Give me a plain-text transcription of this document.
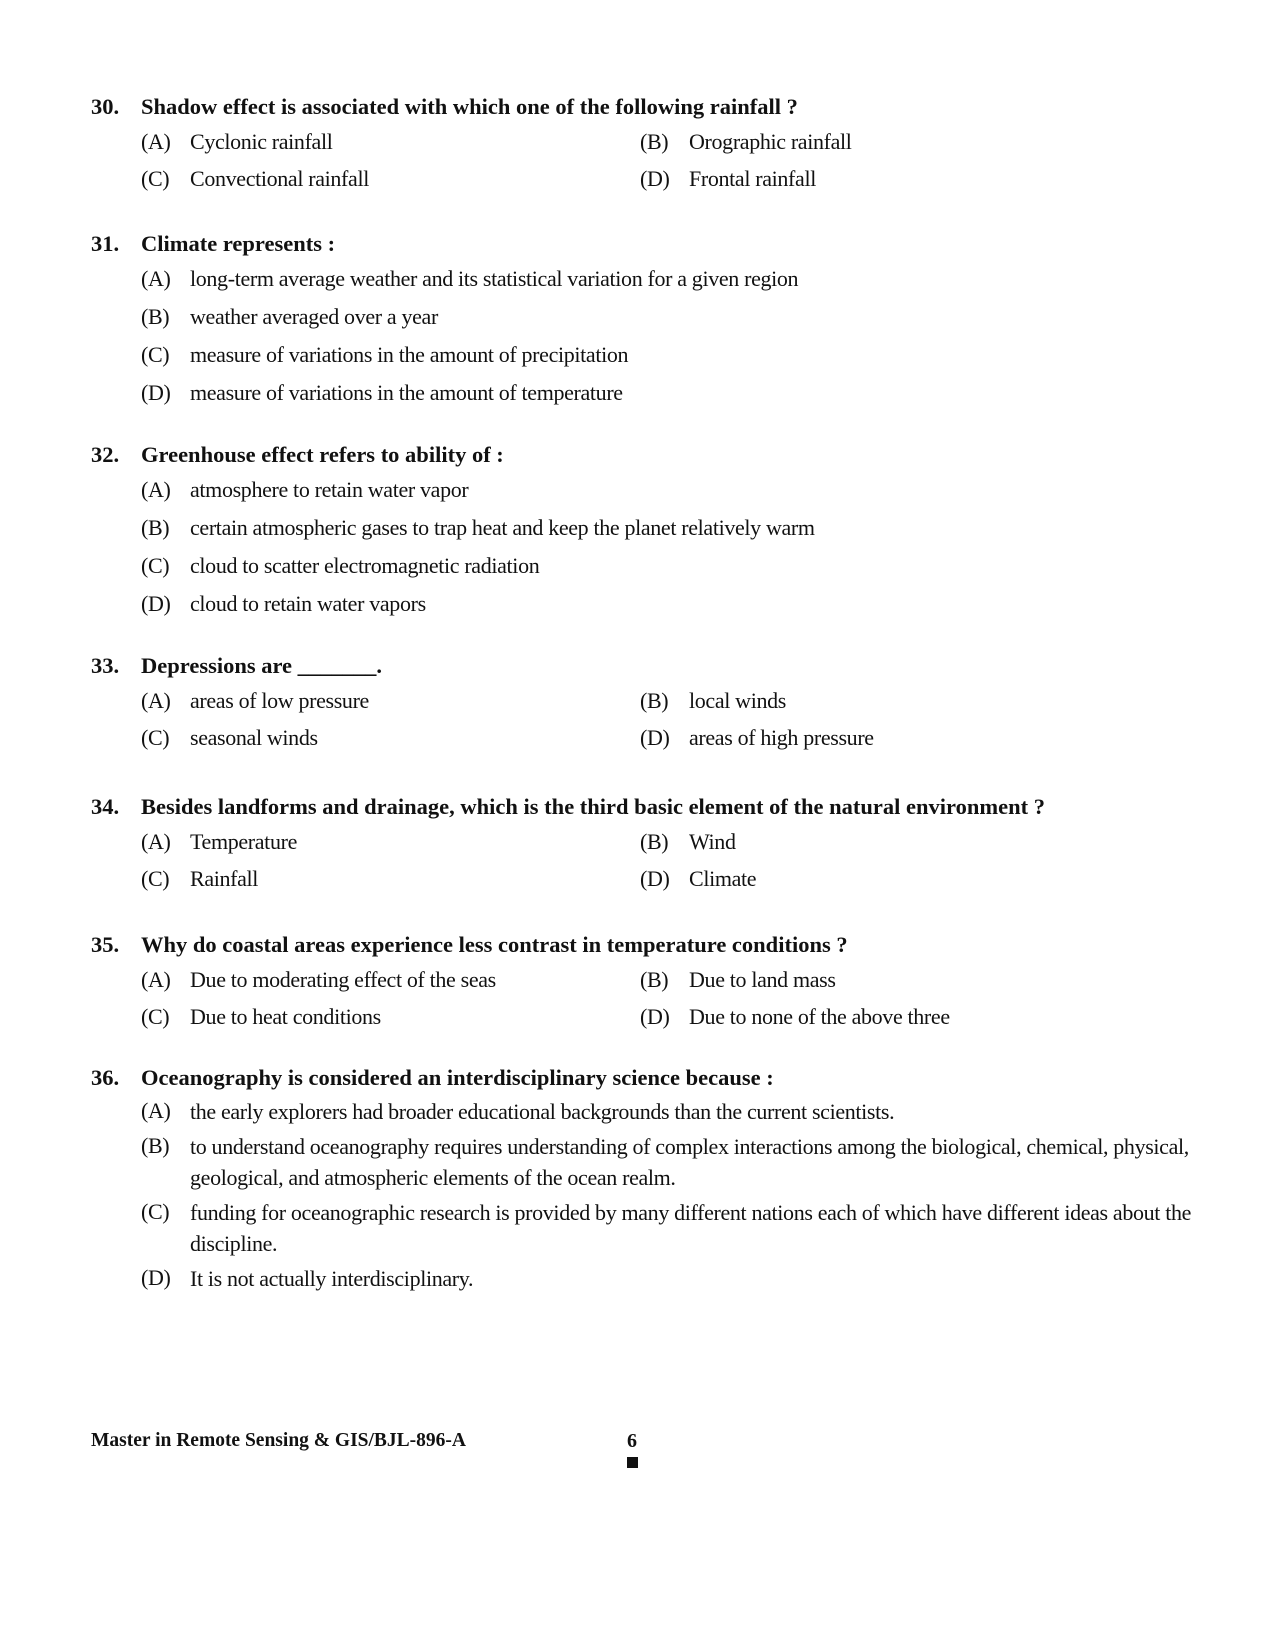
30. Shadow effect is associated with which one of the following rainfall ?
(A) Cyclonic rainfall	(B) Orographic rainfall
(C) Convectional rainfall	(D) Frontal rainfall
31. Climate represents :
(A) long-term average weather and its statistical variation for a given region
(B) weather averaged over a year
(C) measure of variations in the amount of precipitation
(D) measure of variations in the amount of temperature
32. Greenhouse effect refers to ability of :
(A) atmosphere to retain water vapor
(B) certain atmospheric gases to trap heat and keep the planet relatively warm
(C) cloud to scatter electromagnetic radiation
(D) cloud to retain water vapors
33. Depressions are _______.
(A) areas of low pressure	(B) local winds
(C) seasonal winds	(D) areas of high pressure
34. Besides landforms and drainage, which is the third basic element of the natural environment ?
(A) Temperature	(B) Wind
(C) Rainfall	(D) Climate
35. Why do coastal areas experience less contrast in temperature conditions ?
(A) Due to moderating effect of the seas	(B) Due to land mass
(C) Due to heat conditions	(D) Due to none of the above three
36. Oceanography is considered an interdisciplinary science because :
(A) the early explorers had broader educational backgrounds than the current scientists.
(B) to understand oceanography requires understanding of complex interactions among the biological, chemical, physical, geological, and atmospheric elements of the ocean realm.
(C) funding for oceanographic research is provided by many different nations each of which have different ideas about the discipline.
(D) It is not actually interdisciplinary.
Master in Remote Sensing & GIS/BJL-896-A	6
